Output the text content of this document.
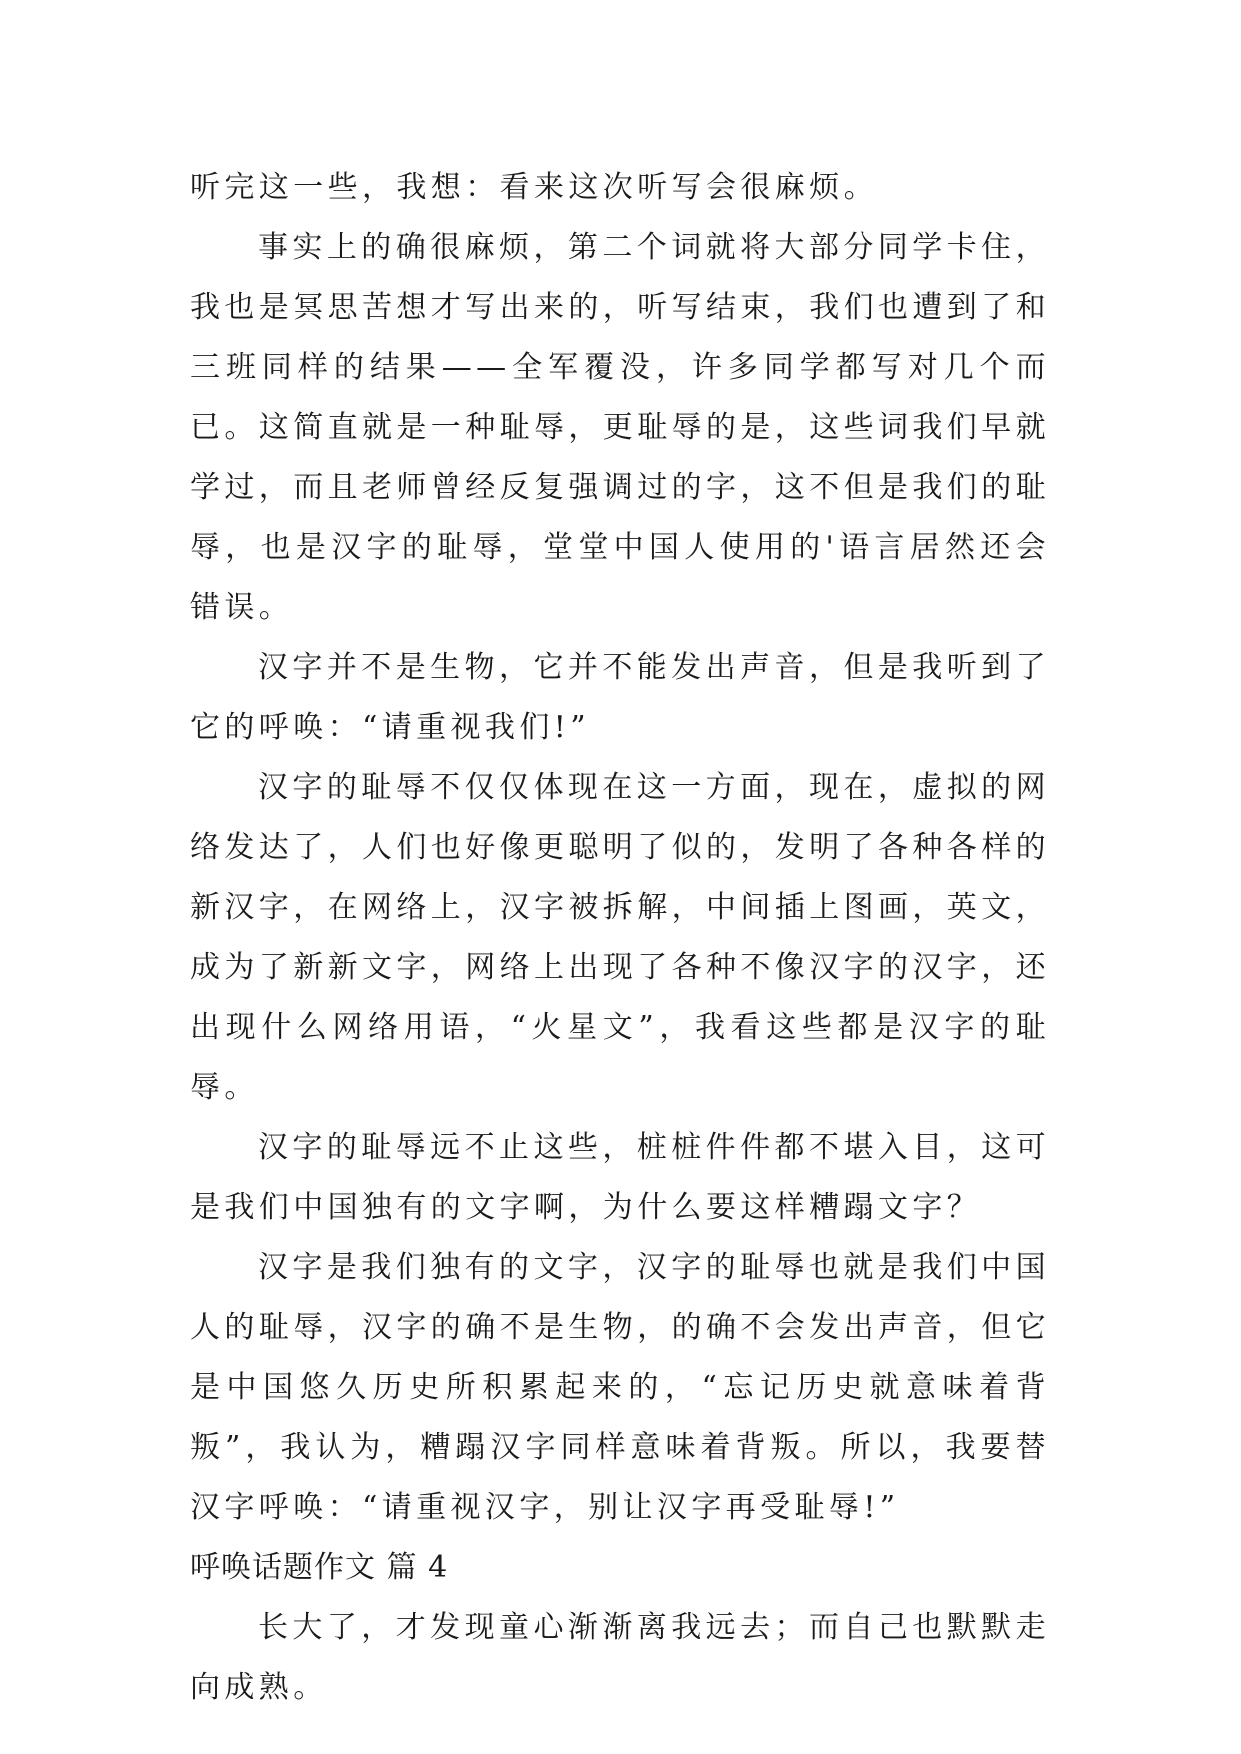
听完这一些，我想：看来这次听写会很麻烦。

事实上的确很麻烦，第二个词就将大部分同学卡住，我也是冥思苦想才写出来的，听写结束，我们也遭到了和三班同样的结果——全军覆没，许多同学都写对几个而已。这简直就是一种耻辱，更耻辱的是，这些词我们早就学过，而且老师曾经反复强调过的字，这不但是我们的耻辱，也是汉字的耻辱，堂堂中国人使用的'语言居然还会错误。

汉字并不是生物，它并不能发出声音，但是我听到了它的呼唤：“请重视我们!”

汉字的耻辱不仅仅体现在这一方面，现在，虚拟的网络发达了，人们也好像更聪明了似的，发明了各种各样的新汉字，在网络上，汉字被拆解，中间插上图画，英文，成为了新新文字，网络上出现了各种不像汉字的汉字，还出现什么网络用语，“火星文”，我看这些都是汉字的耻辱。

汉字的耻辱远不止这些，桩桩件件都不堪入目，这可是我们中国独有的文字啊，为什么要这样糟蹋文字？

汉字是我们独有的文字，汉字的耻辱也就是我们中国人的耻辱，汉字的确不是生物，的确不会发出声音，但它是中国悠久历史所积累起来的，“忘记历史就意味着背叛”，我认为，糟蹋汉字同样意味着背叛。所以，我要替汉字呼唤：“请重视汉字，别让汉字再受耻辱!”

呼唤话题作文 篇 4

长大了，才发现童心渐渐离我远去；而自己也默默走向成熟。
